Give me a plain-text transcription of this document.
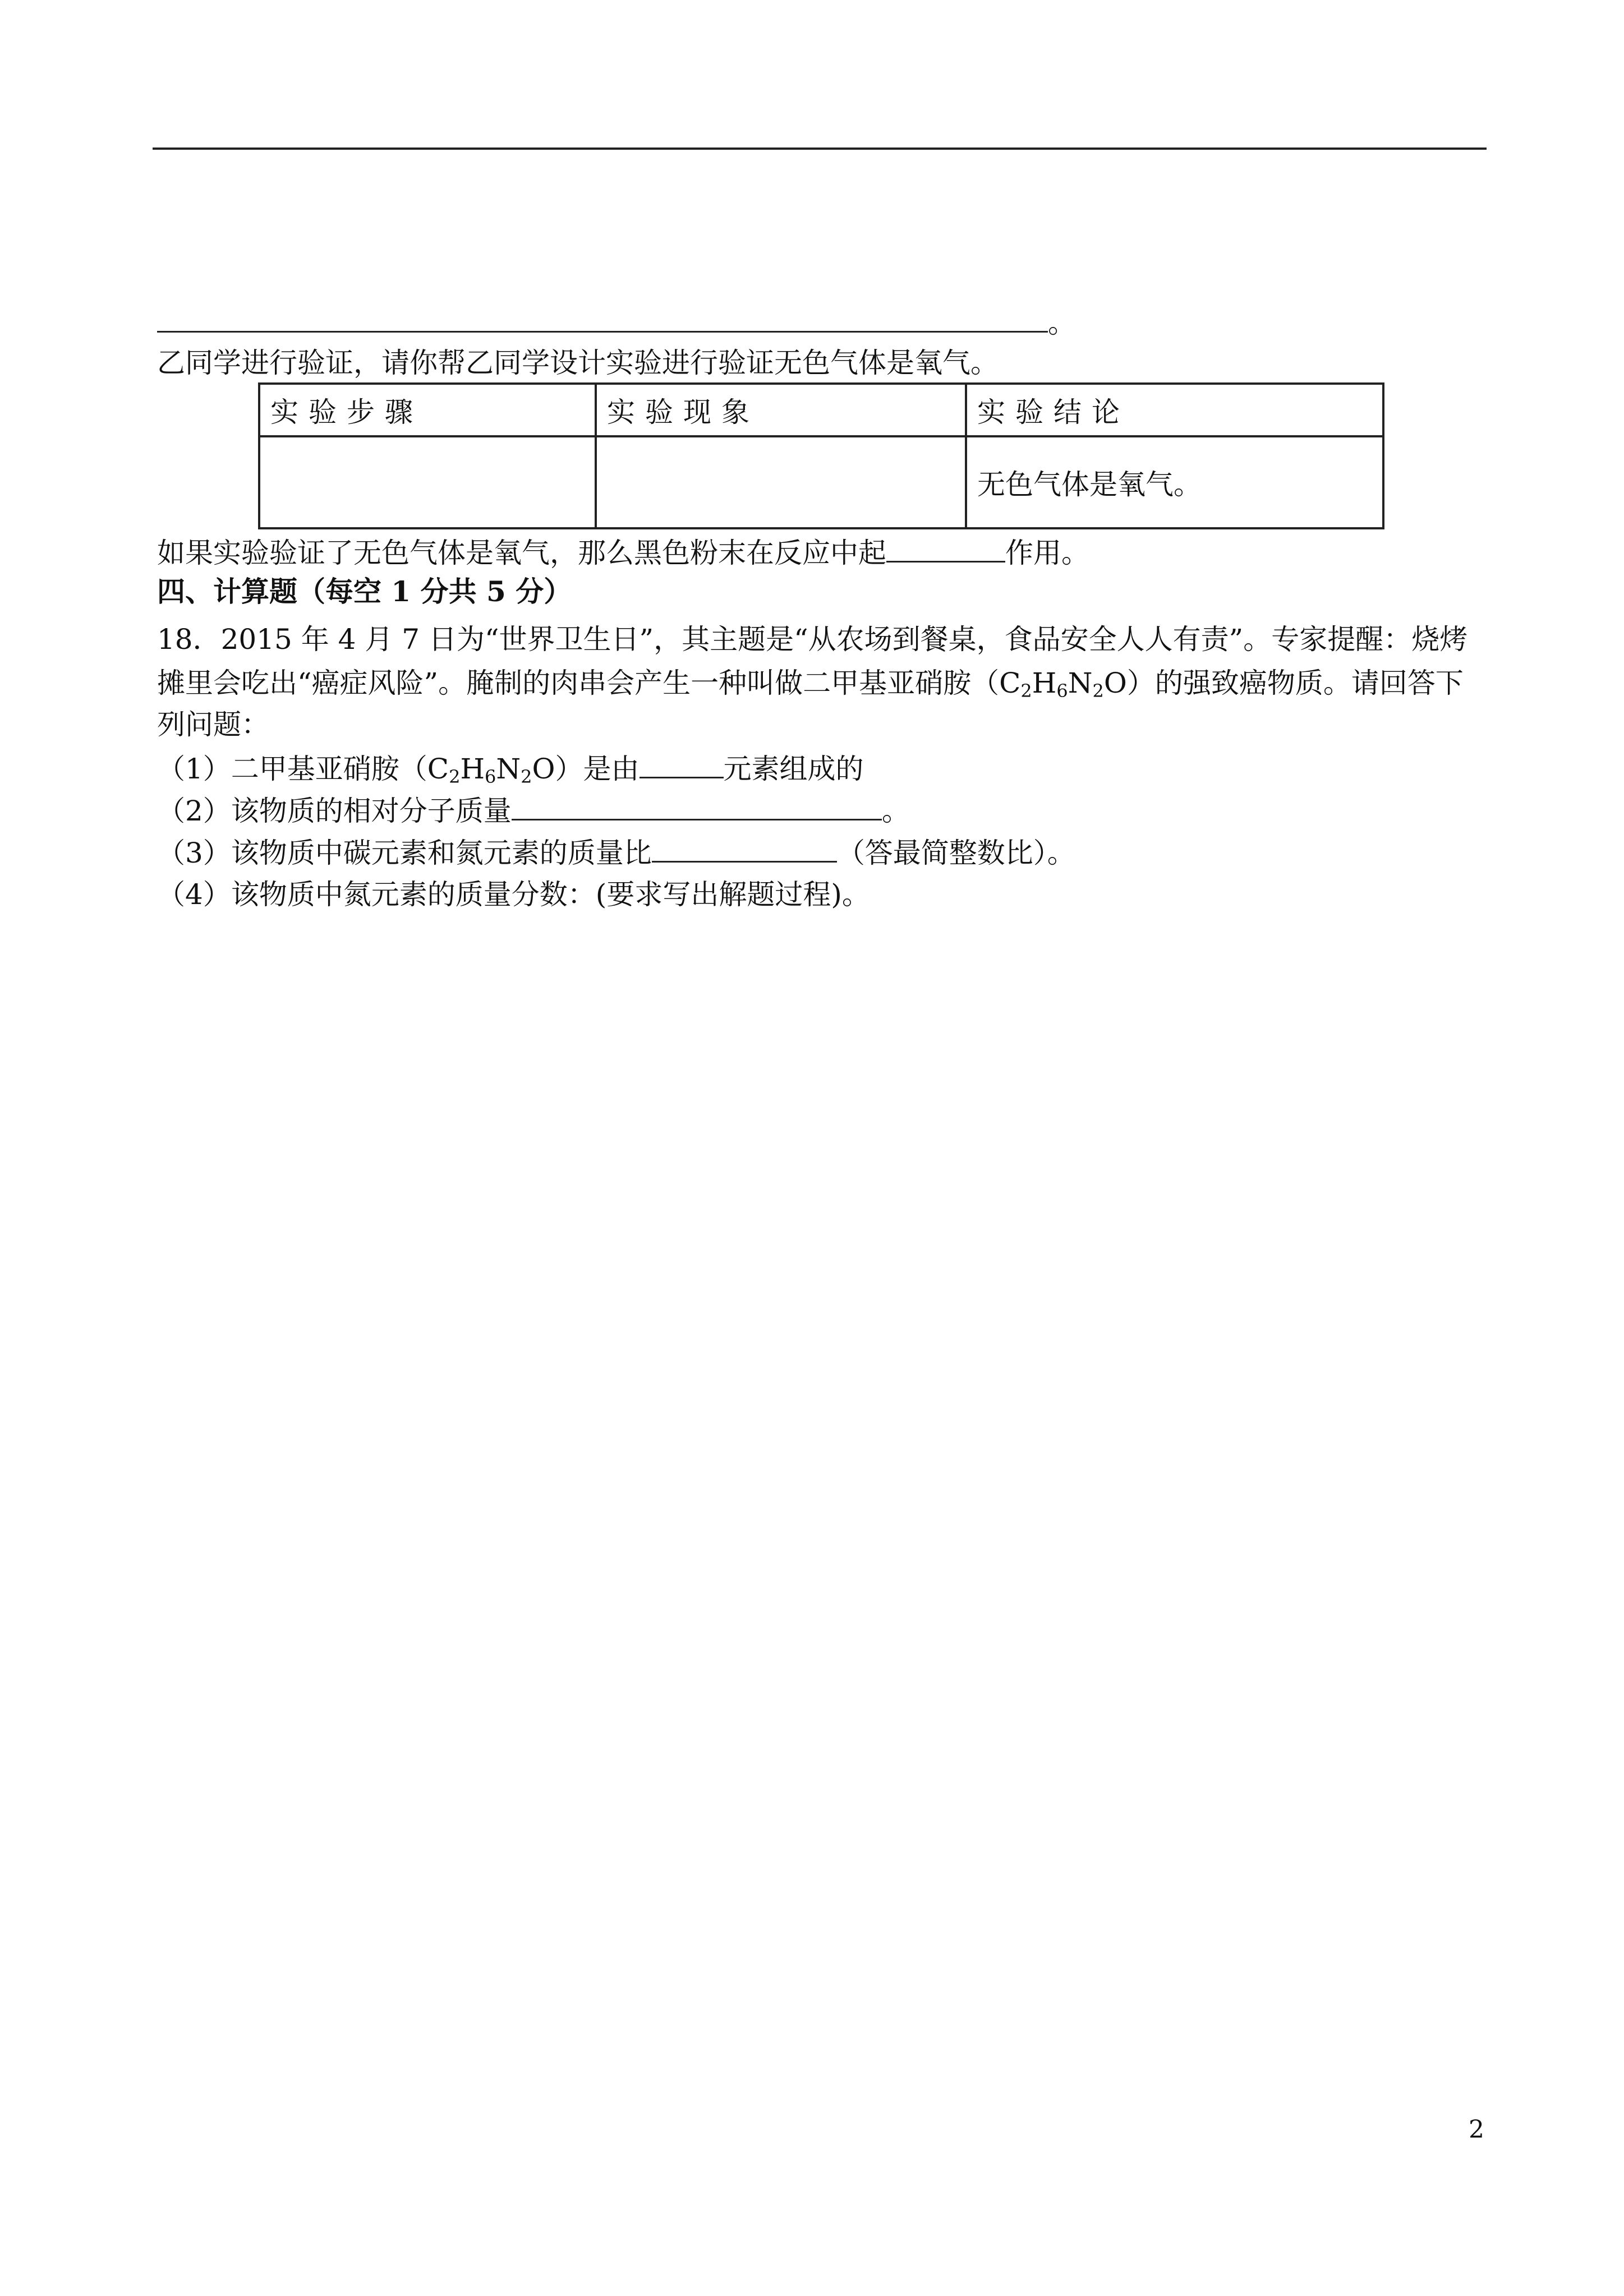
。
乙同学进行验证，请你帮乙同学设计实验进行验证无色气体是氧气。
实验步骤	实验现象	实验结论
		无色气体是氧气。
如果实验验证了无色气体是氧气，那么黑色粉末在反应中起	作用。
四、计算题（每空 1 分共 5 分）
18．2015 年 4 月 7 日为“世界卫生日”，其主题是“从农场到餐桌，食品安全人人有责”。专家提醒：烧烤
摊里会吃出“癌症风险”。腌制的肉串会产生一种叫做二甲基亚硝胺$(C_2H_6N_2O)$的强致癌物质。请回答下
列问题：
（1）二甲基亚硝胺$(C_2H_6N_2O)$是由	元素组成的
（2）该物质的相对分子质量	。
（3）该物质中碳元素和氮元素的质量比	（答最简整数比）。
（4）该物质中氮元素的质量分数：(要求写出解题过程)。
2
